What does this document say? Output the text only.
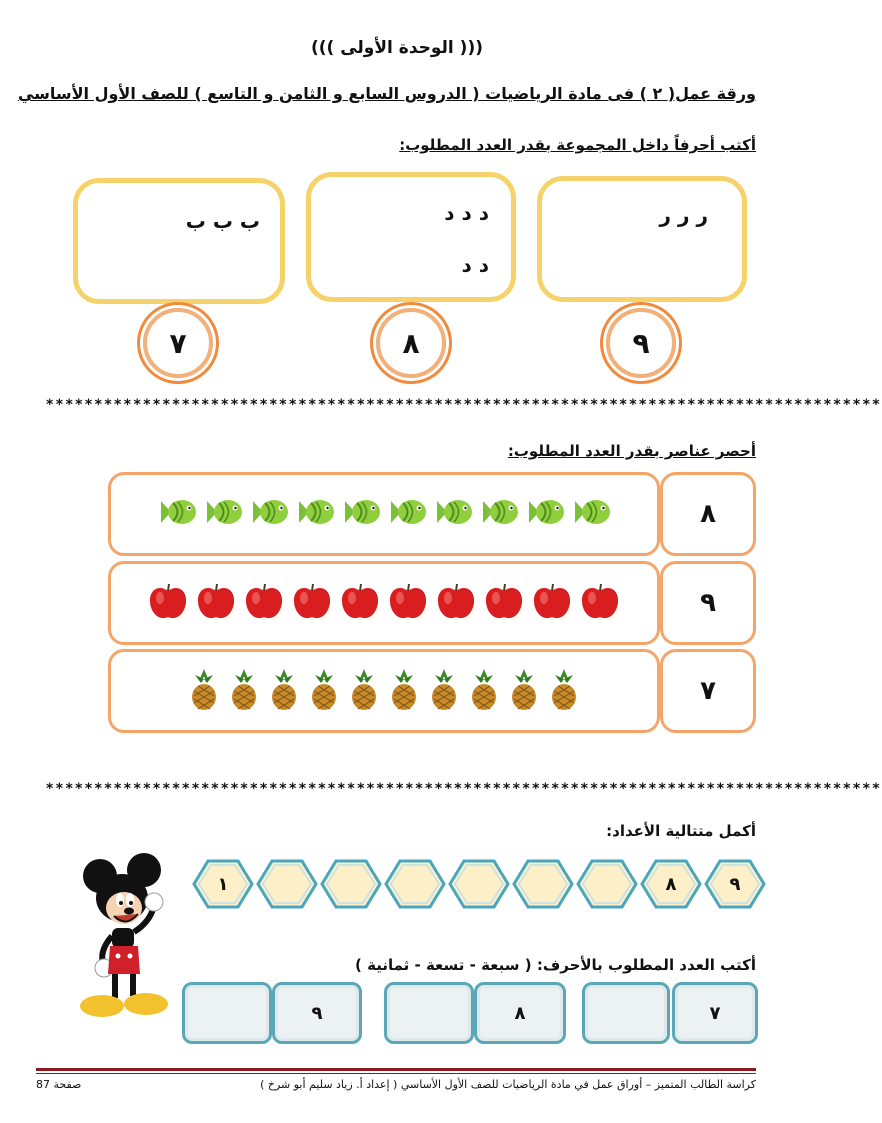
((( الوحدة الأولى )))
ورقة عمل( ٢ ) فى مادة الرياضيات ( الدروس السابع و الثامن و التاسع ) للصف الأول الأساسي
أكتب أحرفاً داخل المجموعة بقدر العدد المطلوب:
ر ر ر
د د د
د د
ب ب ب
٩
٨
٧
**************************************************************************************
أحصر عناصر بقدر العدد المطلوب:
٨
٩
٧
**************************************************************************************
أكمل متتالية الأعداد:
٩
٨
١
أكتب العدد المطلوب بالأحرف: ( سبعة - تسعة - ثمانية )
٧
٨
٩
كراسة الطالب المتميز – أوراق عمل في مادة الرياضيات للصف الأول الأساسي ( إعداد أ. زياد سليم أبو شرخ )
صفحة 87
